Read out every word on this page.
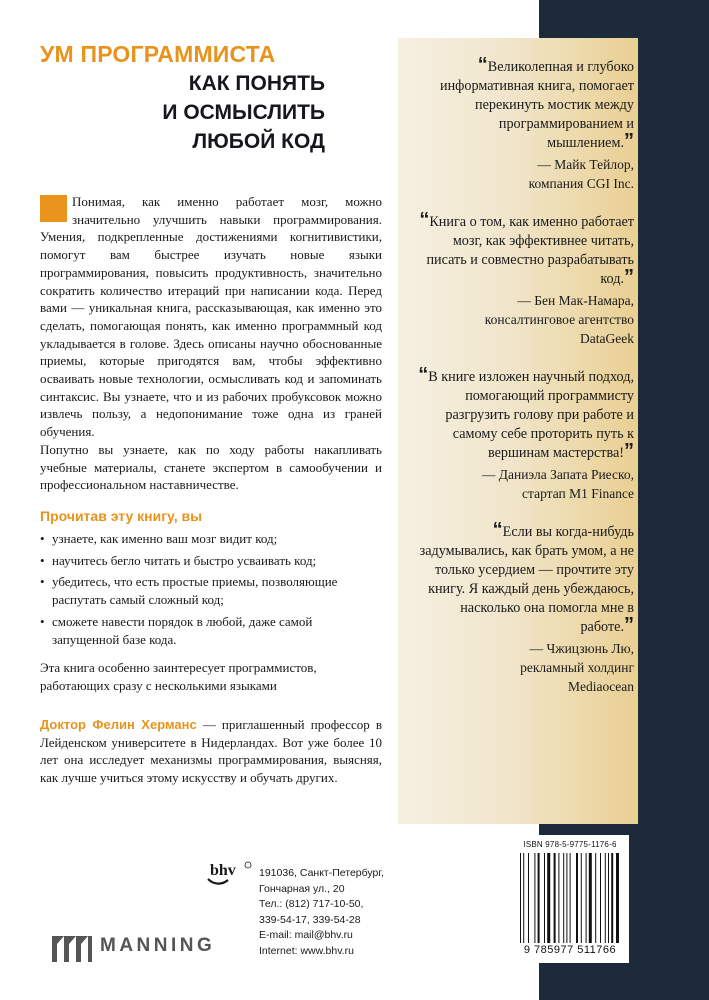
УМ ПРОГРАММИСТА
КАК ПОНЯТЬ
И ОСМЫСЛИТЬ
ЛЮБОЙ КОД

Понимая, как именно работает мозг, можно значительно улучшить навыки программирования. Умения, подкрепленные достижениями когнитивистики, помогут вам быстрее изучать новые языки программирования, повысить продуктивность, значительно сократить количество итераций при написании кода. Перед вами — уникальная книга, рассказывающая, как именно это сделать, помогающая понять, как именно программный код укладывается в голове. Здесь описаны научно обоснованные приемы, которые пригодятся вам, чтобы эффективно осваивать новые технологии, осмысливать код и запоминать синтаксис. Вы узнаете, что и из рабочих пробуксовок можно извлечь пользу, а недопонимание тоже одна из граней обучения.

Попутно вы узнаете, как по ходу работы накапливать учебные материалы, станете экспертом в самообучении и профессиональном наставничестве.

Прочитав эту книгу, вы
• узнаете, как именно ваш мозг видит код;
• научитесь бегло читать и быстро усваивать код;
• убедитесь, что есть простые приемы, позволяющие распутать самый сложный код;
• сможете навести порядок в любой, даже самой запущенной базе кода.

Эта книга особенно заинтересует программистов, работающих сразу с несколькими языками

Доктор Фелин Херманс — приглашенный профессор в Лейденском университете в Нидерландах. Вот уже более 10 лет она исследует механизмы программирования, выясняя, как лучше учиться этому искусству и обучать других.

“Великолепная и глубоко информативная книга, помогает перекинуть мостик между программированием и мышлением.”

— Майк Тейлор,
компания CGI Inc.

“Книга о том, как именно работает мозг, как эффективнее читать, писать и совместно разрабатывать код.”

— Бен Мак-Намара,
консалтинговое агентство
DataGeek

“В книге изложен научный подход, помогающий программисту разгрузить голову при работе и самому себе проторить путь к вершинам мастерства!”

— Даниэла Запата Риеско,
стартап M1 Finance

“Если вы когда-нибудь задумывались, как брать умом, а не только усердием — прочтите эту книгу. Я каждый день убеждаюсь, насколько она помогла мне в работе.”

— Чжицзюнь Лю,
рекламный холдинг
Mediaocean

bhv 191036, Санкт-Петербург,
Гончарная ул., 20
Тел.: (812) 717-10-50,
339-54-17, 339-54-28
E-mail: mail@bhv.ru
Internet: www.bhv.ru
MANNING

ISBN 978-5-9775-1176-6

9 785977 511766
